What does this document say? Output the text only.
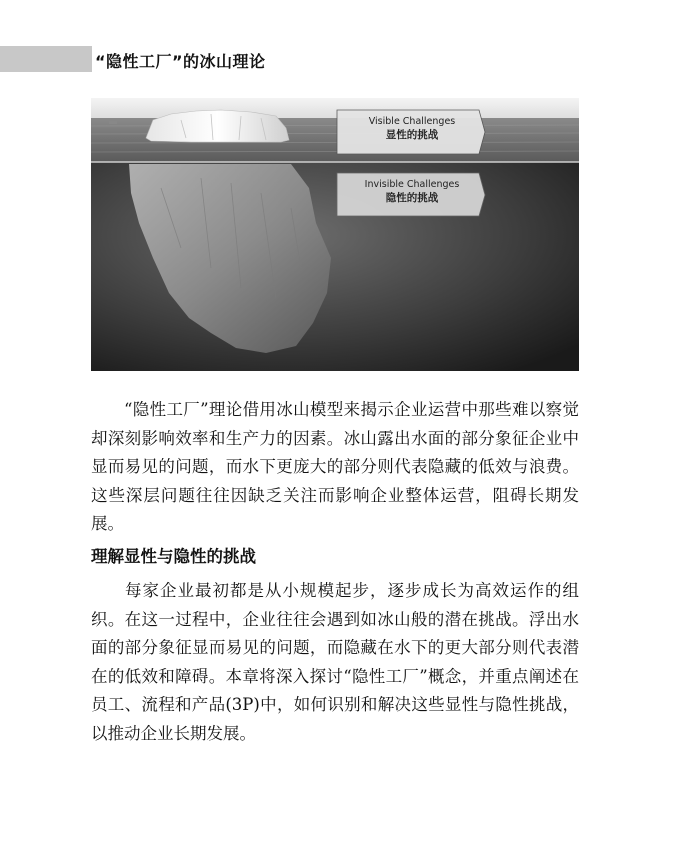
“隐性工厂”的冰山理论
Visible Challenges
显性的挑战
Invisible Challenges
隐性的挑战

“隐性工厂”理论借用冰山模型来揭示企业运营中那些难以察觉却深刻影响效率和生产力的因素。冰山露出水面的部分象征企业中显而易见的问题，而水下更庞大的部分则代表隐藏的低效与浪费。这些深层问题往往因缺乏关注而影响企业整体运营，阻碍长期发展。

理解显性与隐性的挑战

每家企业最初都是从小规模起步，逐步成长为高效运作的组织。在这一过程中，企业往往会遇到如冰山般的潜在挑战。浮出水面的部分象征显而易见的问题，而隐藏在水下的更大部分则代表潜在的低效和障碍。本章将深入探讨“隐性工厂”概念，并重点阐述在员工、流程和产品(3P)中，如何识别和解决这些显性与隐性挑战，以推动企业长期发展。
